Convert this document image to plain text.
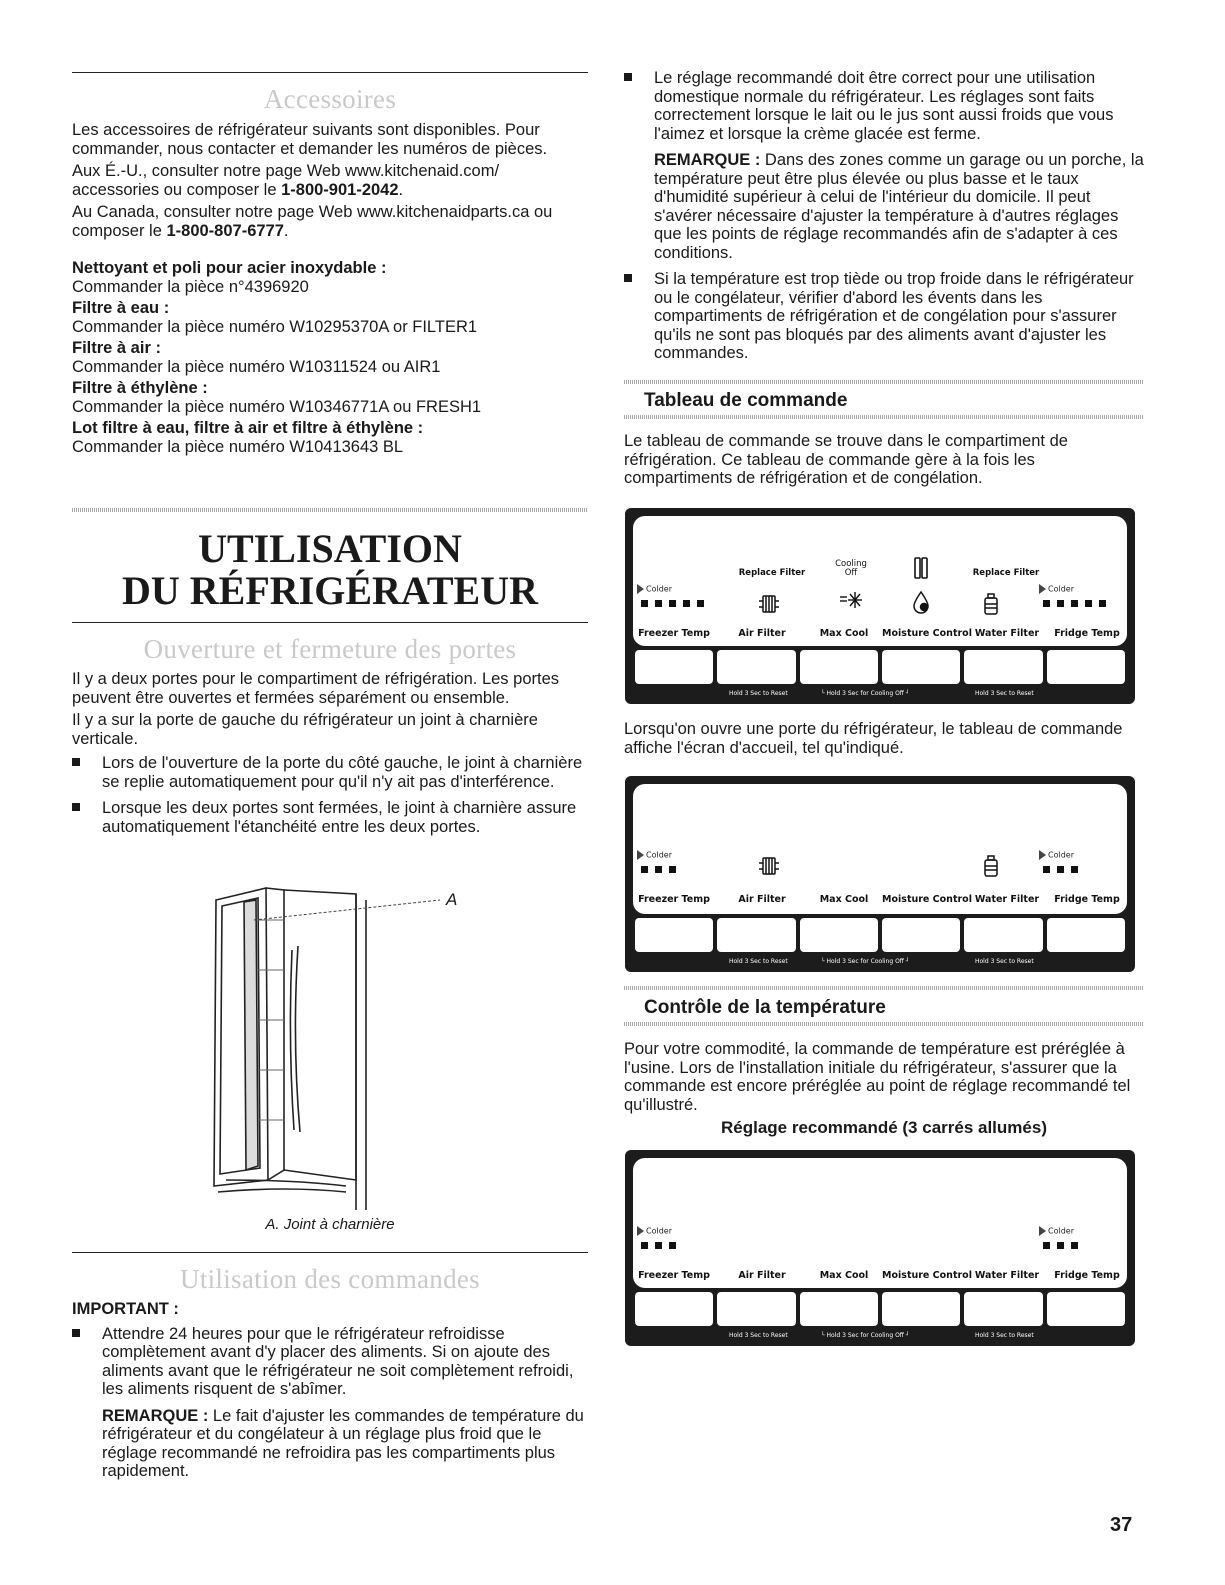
Accessoires

Les accessoires de réfrigérateur suivants sont disponibles. Pour commander, nous contacter et demander les numéros de pièces.

Aux É.-U., consulter notre page Web www.kitchenaid.com/ accessories ou composer le 1-800-901-2042.

Au Canada, consulter notre page Web www.kitchenaidparts.ca ou composer le 1-800-807-6777.

Nettoyant et poli pour acier inoxydable :

Commander la pièce n°4396920

Filtre à eau :

Commander la pièce numéro W10295370A or FILTER1

Filtre à air :

Commander la pièce numéro W10311524 ou AIR1

Filtre à éthylène :

Commander la pièce numéro W10346771A ou FRESH1

Lot filtre à eau, filtre à air et filtre à éthylène :

Commander la pièce numéro W10413643 BL

UTILISATION
DU RÉFRIGÉRATEUR
Ouverture et fermeture des portes

Il y a deux portes pour le compartiment de réfrigération. Les portes peuvent être ouvertes et fermées séparément ou ensemble.

Il y a sur la porte de gauche du réfrigérateur un joint à charnière verticale.

Lors de l'ouverture de la porte du côté gauche, le joint à charnière se replie automatiquement pour qu'il n'y ait pas d'interférence.
Lorsque les deux portes sont fermées, le joint à charnière assure automatiquement l'étanchéité entre les deux portes.
A
A. Joint à charnière
Utilisation des commandes

IMPORTANT :

Attendre 24 heures pour que le réfrigérateur refroidisse complètement avant d'y placer des aliments. Si on ajoute des aliments avant que le réfrigérateur ne soit complètement refroidi, les aliments risquent de s'abîmer.

REMARQUE : Le fait d'ajuster les commandes de température du réfrigérateur et du congélateur à un réglage plus froid que le réglage recommandé ne refroidira pas les compartiments plus rapidement.

Le réglage recommandé doit être correct pour une utilisation domestique normale du réfrigérateur. Les réglages sont faits correctement lorsque le lait ou le jus sont aussi froids que vous l'aimez et lorsque la crème glacée est ferme.

REMARQUE : Dans des zones comme un garage ou un porche, la température peut être plus élevée ou plus basse et le taux d'humidité supérieur à celui de l'intérieur du domicile. Il peut s'avérer nécessaire d'ajuster la température à d'autres réglages que les points de réglage recommandés afin de s'adapter à ces conditions.

Si la température est trop tiède ou trop froide dans le réfrigérateur ou le congélateur, vérifier d'abord les évents dans les compartiments de réfrigération et de congélation pour s'assurer qu'ils ne sont pas bloqués par des aliments avant d'ajuster les commandes.
Tableau de commande

Le tableau de commande se trouve dans le compartiment de réfrigération. Ce tableau de commande gère à la fois les compartiments de réfrigération et de congélation.

Colder
Replace Filter
Cooling Off	Replace Filter
Colder
Freezer Temp	Air Filter	Max Cool	Moisture Control Water Filter	Fridge Temp
Hold 3 Sec to Reset	└ Hold 3 Sec for Cooling Off ┘	Hold 3 Sec to Reset

Lorsqu'on ouvre une porte du réfrigérateur, le tableau de commande affiche l'écran d'accueil, tel qu'indiqué.

Colder	Colder
Freezer Temp	Air Filter	Max Cool	Moisture Control Water Filter	Fridge Temp
Hold 3 Sec to Reset	└ Hold 3 Sec for Cooling Off ┘	Hold 3 Sec to Reset
Contrôle de la température

Pour votre commodité, la commande de température est préréglée à l'usine. Lors de l'installation initiale du réfrigérateur, s'assurer que la commande est encore préréglée au point de réglage recommandé tel qu'illustré.

Réglage recommandé (3 carrés allumés)
Colder	Colder
Freezer Temp	Air Filter	Max Cool	Moisture Control Water Filter	Fridge Temp
Hold 3 Sec to Reset	└ Hold 3 Sec for Cooling Off ┘	Hold 3 Sec to Reset
37
